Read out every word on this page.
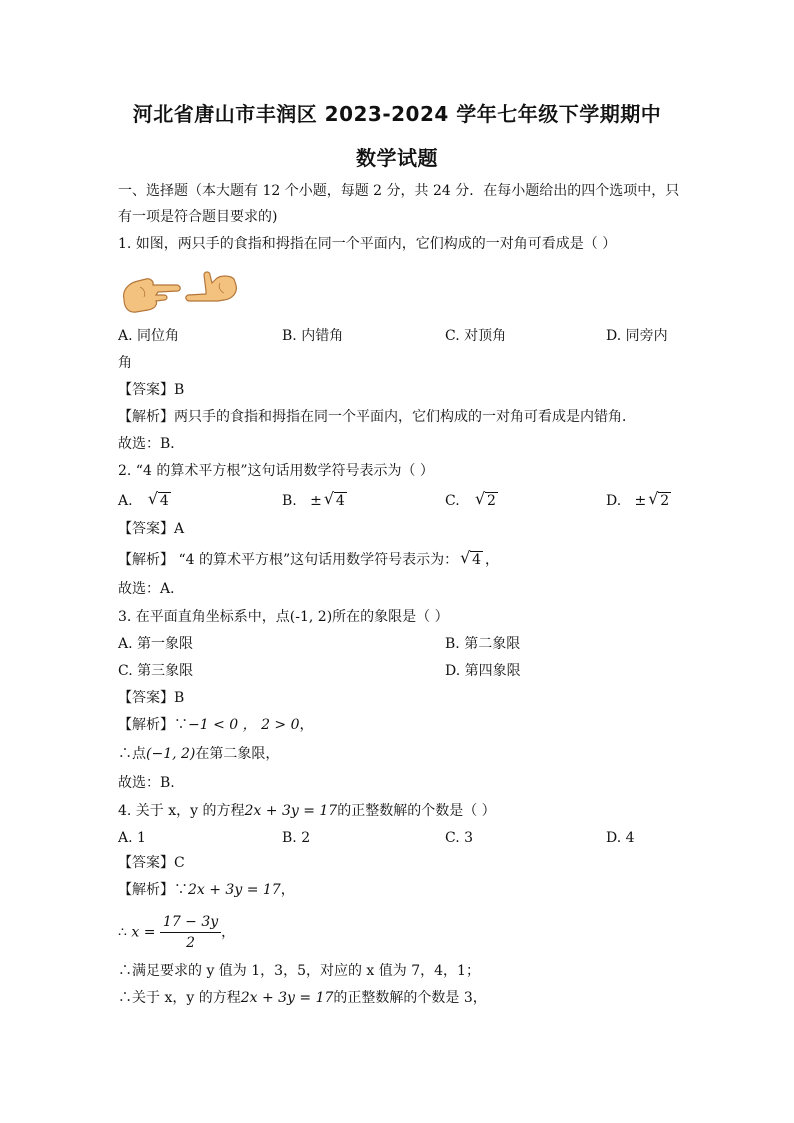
河北省唐山市丰润区 2023-2024 学年七年级下学期期中
数学试题
一、选择题（本大题有 12 个小题，每题 2 分，共 24 分．在每小题给出的四个选项中，只
有一项是符合题目要求的)
1. 如图，两只手的食指和拇指在同一个平面内，它们构成的一对角可看成是（ ）
A. 同位角	B. 内错角	C. 对顶角	D. 同旁内
角
【答案】B
【解析】两只手的食指和拇指在同一个平面内，它们构成的一对角可看成是内错角．
故选：B．
2. “4 的算术平方根”这句话用数学符号表示为（ ）
A. √ 4	B. ± √ 4	C. √ 2	D. ± √ 2
【答案】A
【解析】 “4 的算术平方根”这句话用数学符号表示为： √ 4 ，
故选：A．
3. 在平面直角坐标系中，点(-1, 2)所在的象限是（ ）
A. 第一象限	B. 第二象限
C. 第三象限	D. 第四象限
【答案】B
【解析】∵−1 < 0 ， 2 > 0，
∴点(−1, 2)在第二象限，
故选：B.
4. 关于 x，y 的方程2x + 3y = 17的正整数解的个数是（ ）
A. 1	B. 2	C. 3	D. 4
【答案】C
【解析】∵2x + 3y = 17，
∴ $x = \frac{17 - 3y}{2}$ ，
∴满足要求的 y 值为 1，3，5，对应的 x 值为 7，4，1；
∴关于 x，y 的方程2x + 3y = 17的正整数解的个数是 3，
